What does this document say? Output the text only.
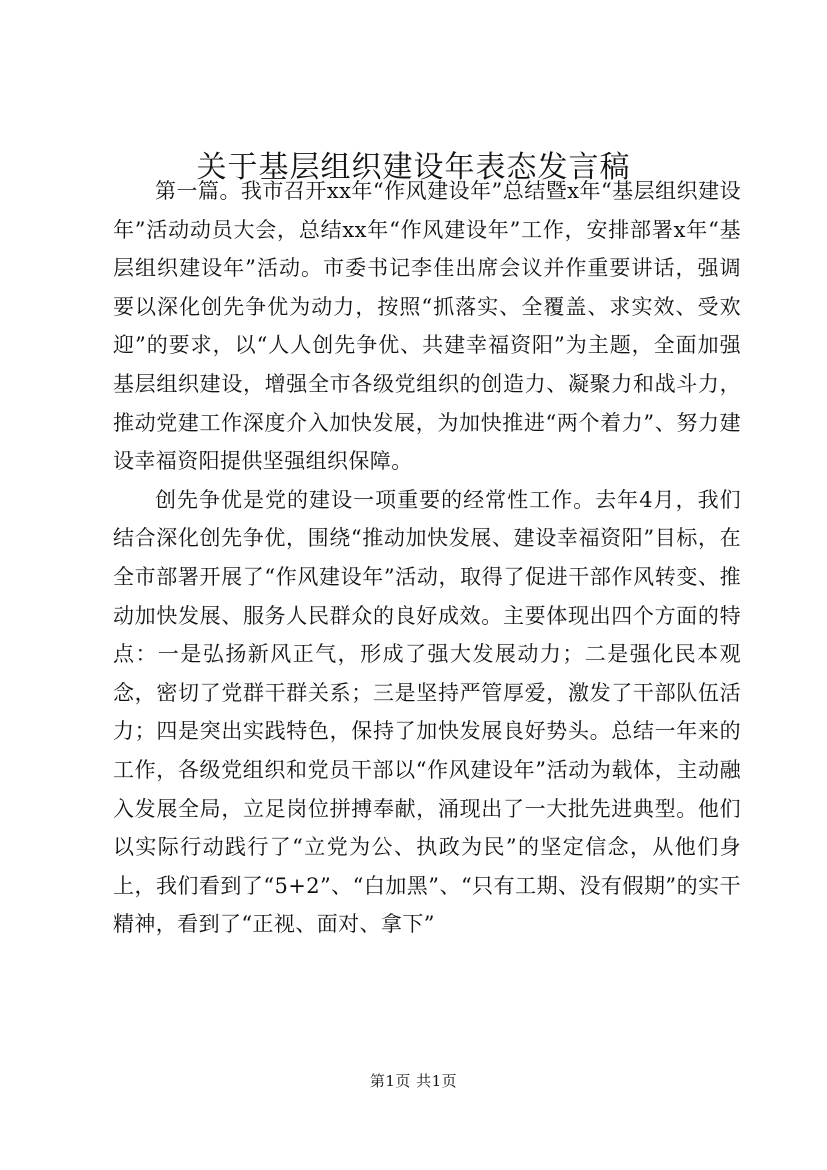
关于基层组织建设年表态发言稿

第一篇。我市召开xx年“作风建设年”总结暨x年“基层组织建设年”活动动员大会，总结xx年“作风建设年”工作，安排部署x年“基层组织建设年”活动。市委书记李佳出席会议并作重要讲话，强调要以深化创先争优为动力，按照“抓落实、全覆盖、求实效、受欢迎”的要求，以“人人创先争优、共建幸福资阳”为主题，全面加强基层组织建设，增强全市各级党组织的创造力、凝聚力和战斗力，推动党建工作深度介入加快发展，为加快推进“两个着力”、努力建设幸福资阳提供坚强组织保障。

创先争优是党的建设一项重要的经常性工作。去年4月，我们结合深化创先争优，围绕“推动加快发展、建设幸福资阳”目标，在全市部署开展了“作风建设年”活动，取得了促进干部作风转变、推动加快发展、服务人民群众的良好成效。主要体现出四个方面的特点：一是弘扬新风正气，形成了强大发展动力；二是强化民本观念，密切了党群干群关系；三是坚持严管厚爱，激发了干部队伍活力；四是突出实践特色，保持了加快发展良好势头。总结一年来的工作，各级党组织和党员干部以“作风建设年”活动为载体，主动融入发展全局，立足岗位拼搏奉献，涌现出了一大批先进典型。他们以实际行动践行了“立党为公、执政为民”的坚定信念，从他们身上，我们看到了“5+2”、“白加黑”、“只有工期、没有假期”的实干精神，看到了“正视、面对、拿下”

第1页 共1页
